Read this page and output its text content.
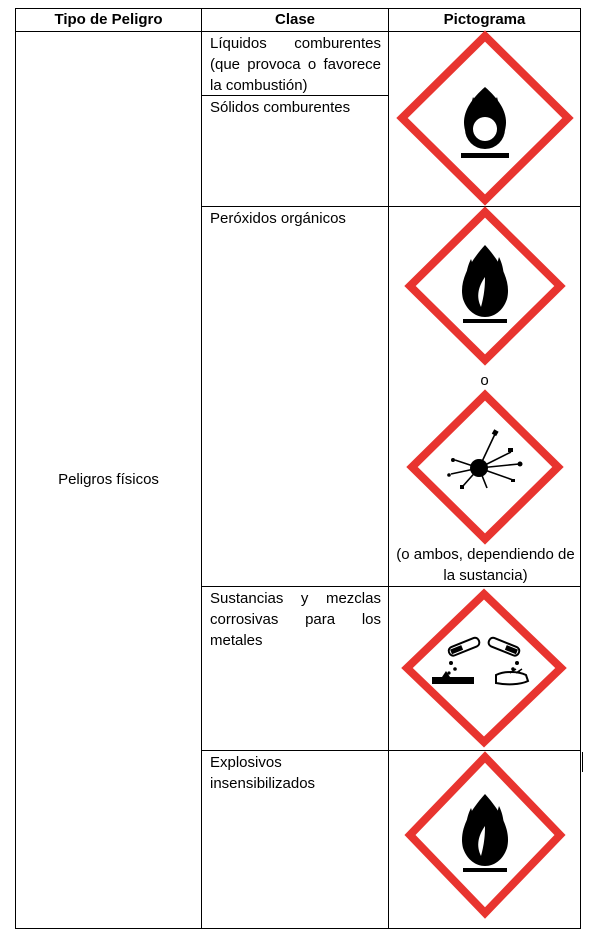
Tipo de Peligro	Clase	Pictograma
Peligros físicos
Líquidos comburentes (que provoca o favorece la combustión)
Sólidos comburentes
Peróxidos orgánicos
Sustancias y mezclas corrosivas para los metales
Explosivos insensibilizados
o
(o ambos, dependiendo de la sustancia)
